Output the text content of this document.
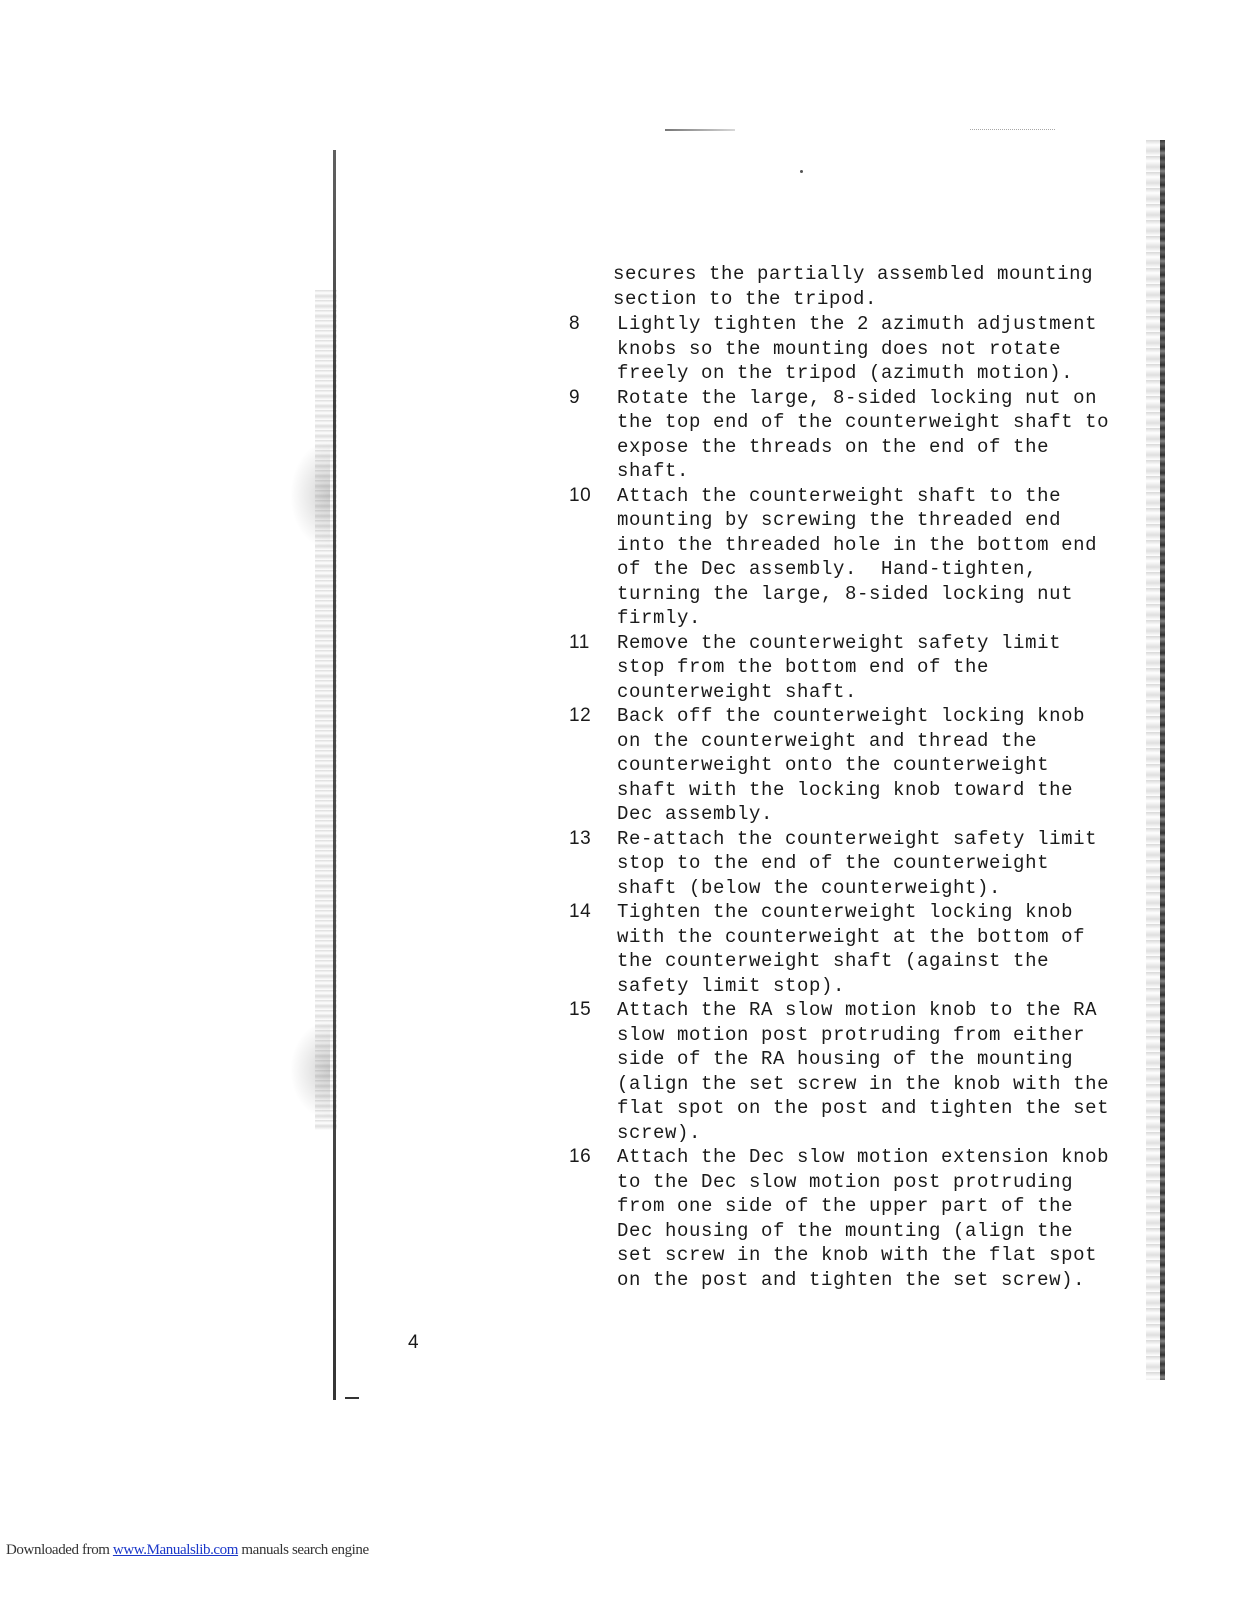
secures the partially assembled mounting
section to the tripod.
8	Lightly tighten the 2 azimuth adjustment
knobs so the mounting does not rotate
freely on the tripod (azimuth motion).
9	Rotate the large, 8-sided locking nut on
the top end of the counterweight shaft to
expose the threads on the end of the
shaft.
10	Attach the counterweight shaft to the
mounting by screwing the threaded end
into the threaded hole in the bottom end
of the Dec assembly.  Hand-tighten,
turning the large, 8-sided locking nut
firmly.
11	Remove the counterweight safety limit
stop from the bottom end of the
counterweight shaft.
12	Back off the counterweight locking knob
on the counterweight and thread the
counterweight onto the counterweight
shaft with the locking knob toward the
Dec assembly.
13	Re-attach the counterweight safety limit
stop to the end of the counterweight
shaft (below the counterweight).
14	Tighten the counterweight locking knob
with the counterweight at the bottom of
the counterweight shaft (against the
safety limit stop).
15	Attach the RA slow motion knob to the RA
slow motion post protruding from either
side of the RA housing of the mounting
(align the set screw in the knob with the
flat spot on the post and tighten the set
screw).
16	Attach the Dec slow motion extension knob
to the Dec slow motion post protruding
from one side of the upper part of the
Dec housing of the mounting (align the
set screw in the knob with the flat spot
on the post and tighten the set screw).
4
Downloaded from www.Manualslib.com manuals search engine
